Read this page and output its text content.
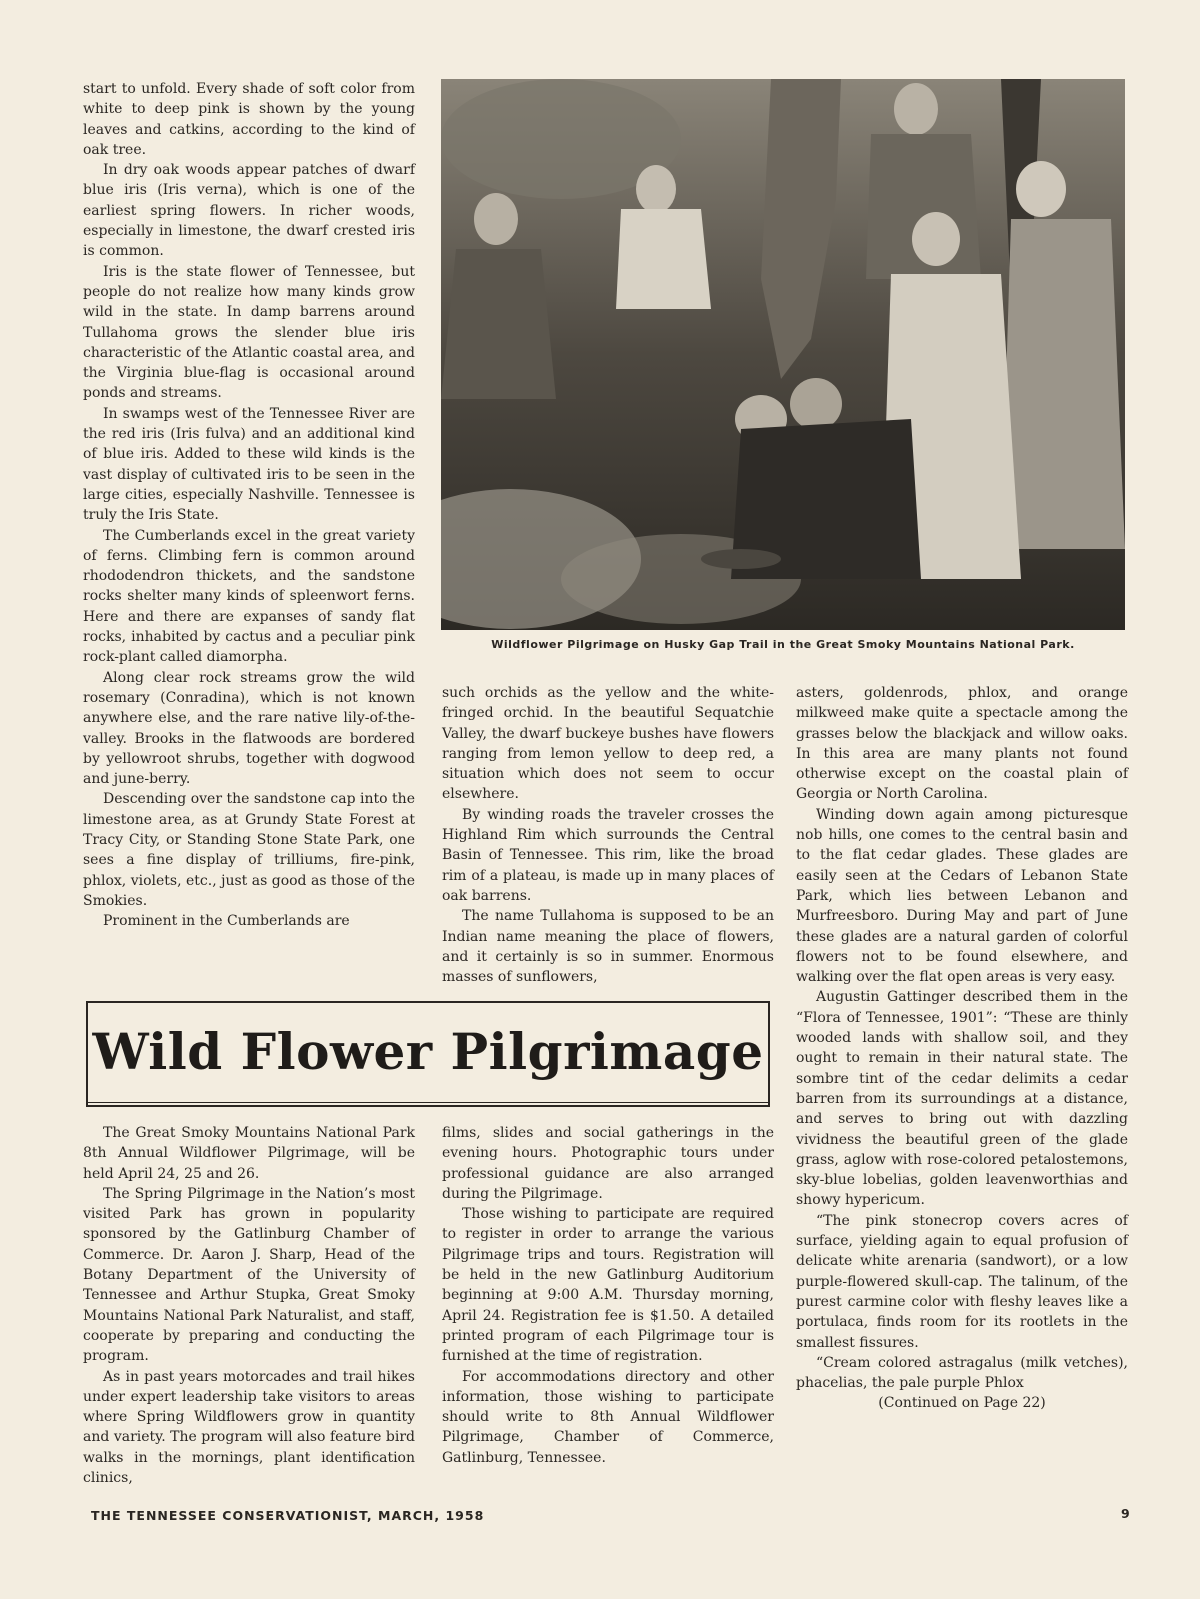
start to unfold. Every shade of soft color from white to deep pink is shown by the young leaves and catkins, according to the kind of oak tree.

In dry oak woods appear patches of dwarf blue iris (Iris verna), which is one of the earliest spring flowers. In richer woods, especially in limestone, the dwarf crested iris is common.

Iris is the state flower of Tennessee, but people do not realize how many kinds grow wild in the state. In damp barrens around Tullahoma grows the slender blue iris characteristic of the Atlantic coastal area, and the Virginia blue-flag is occasional around ponds and streams.

In swamps west of the Tennessee River are the red iris (Iris fulva) and an additional kind of blue iris. Added to these wild kinds is the vast display of cultivated iris to be seen in the large cities, especially Nashville. Tennessee is truly the Iris State.

The Cumberlands excel in the great variety of ferns. Climbing fern is common around rhododendron thickets, and the sandstone rocks shelter many kinds of spleenwort ferns. Here and there are expanses of sandy flat rocks, inhabited by cactus and a peculiar pink rock-plant called diamorpha.

Along clear rock streams grow the wild rosemary (Conradina), which is not known anywhere else, and the rare native lily-of-the-valley. Brooks in the flatwoods are bordered by yellowroot shrubs, together with dogwood and june-berry.

Descending over the sandstone cap into the limestone area, as at Grundy State Forest at Tracy City, or Standing Stone State Park, one sees a fine display of trilliums, fire-pink, phlox, violets, etc., just as good as those of the Smokies.

Prominent in the Cumberlands are

Wildflower Pilgrimage on Husky Gap Trail in the Great Smoky Mountains National Park.

such orchids as the yellow and the white-fringed orchid. In the beautiful Sequatchie Valley, the dwarf buckeye bushes have flowers ranging from lemon yellow to deep red, a situation which does not seem to occur elsewhere.

By winding roads the traveler crosses the Highland Rim which surrounds the Central Basin of Tennessee. This rim, like the broad rim of a plateau, is made up in many places of oak barrens.

The name Tullahoma is supposed to be an Indian name meaning the place of flowers, and it certainly is so in summer. Enormous masses of sunflowers,

asters, goldenrods, phlox, and orange milkweed make quite a spectacle among the grasses below the blackjack and willow oaks. In this area are many plants not found otherwise except on the coastal plain of Georgia or North Carolina.

Winding down again among picturesque nob hills, one comes to the central basin and to the flat cedar glades. These glades are easily seen at the Cedars of Lebanon State Park, which lies between Lebanon and Murfreesboro. During May and part of June these glades are a natural garden of colorful flowers not to be found elsewhere, and walking over the flat open areas is very easy.

Augustin Gattinger described them in the “Flora of Tennessee, 1901”: “These are thinly wooded lands with shallow soil, and they ought to remain in their natural state. The sombre tint of the cedar delimits a cedar barren from its surroundings at a distance, and serves to bring out with dazzling vividness the beautiful green of the glade grass, aglow with rose-colored petalostemons, sky-blue lobelias, golden leavenworthias and showy hypericum.

“The pink stonecrop covers acres of surface, yielding again to equal profusion of delicate white arenaria (sandwort), or a low purple-flowered skull-cap. The talinum, of the purest carmine color with fleshy leaves like a portulaca, finds room for its rootlets in the smallest fissures.

“Cream colored astragalus (milk vetches), phacelias, the pale purple Phlox

(Continued on Page 22)

Wild Flower Pilgrimage

The Great Smoky Mountains National Park 8th Annual Wildflower Pilgrimage, will be held April 24, 25 and 26.

The Spring Pilgrimage in the Nation’s most visited Park has grown in popularity sponsored by the Gatlinburg Chamber of Commerce. Dr. Aaron J. Sharp, Head of the Botany Department of the University of Tennessee and Arthur Stupka, Great Smoky Mountains National Park Naturalist, and staff, cooperate by preparing and conducting the program.

As in past years motorcades and trail hikes under expert leadership take visitors to areas where Spring Wildflowers grow in quantity and variety. The program will also feature bird walks in the mornings, plant identification clinics,

films, slides and social gatherings in the evening hours. Photographic tours under professional guidance are also arranged during the Pilgrimage.

Those wishing to participate are required to register in order to arrange the various Pilgrimage trips and tours. Registration will be held in the new Gatlinburg Auditorium beginning at 9:00 A.M. Thursday morning, April 24. Registration fee is $1.50. A detailed printed program of each Pilgrimage tour is furnished at the time of registration.

For accommodations directory and other information, those wishing to participate should write to 8th Annual Wildflower Pilgrimage, Chamber of Commerce, Gatlinburg, Tennessee.

THE TENNESSEE CONSERVATIONIST, MARCH, 1958	9
